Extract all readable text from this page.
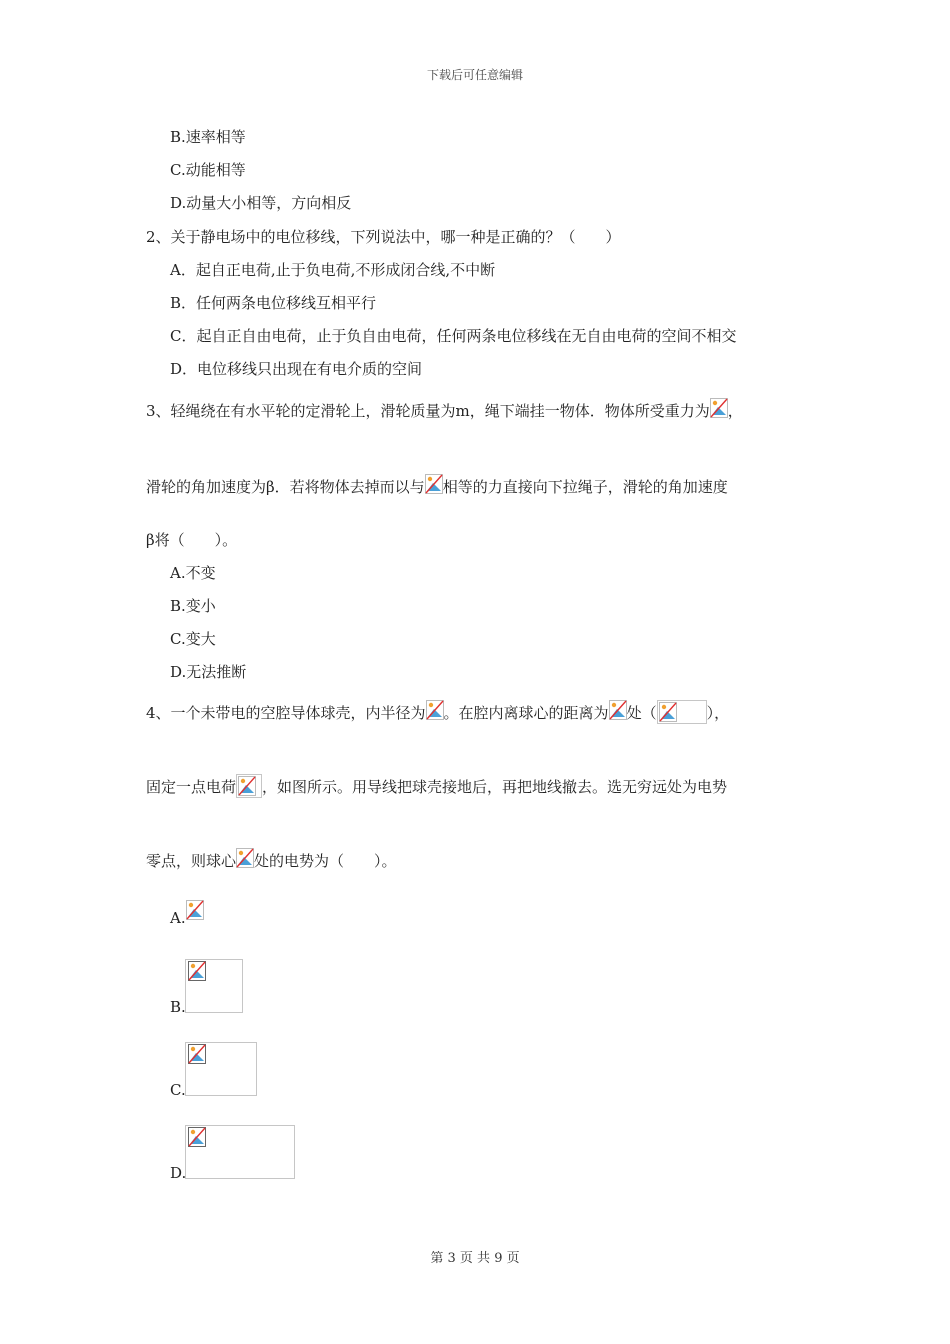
下载后可任意编辑
B.速率相等
C.动能相等
D.动量大小相等，方向相反
2、关于静电场中的电位移线，下列说法中，哪一种是正确的？（　　）
A．起自正电荷,止于负电荷,不形成闭合线,不中断
B．任何两条电位移线互相平行
C．起自正自由电荷，止于负自由电荷，任何两条电位移线在无自由电荷的空间不相交
D．电位移线只出现在有电介质的空间
3、轻绳绕在有水平轮的定滑轮上，滑轮质量为m，绳下端挂一物体．物体所受重力为 ，
滑轮的角加速度为β．若将物体去掉而以与 相等的力直接向下拉绳子，滑轮的角加速度
β将（　　）。
A.不变
B.变小
C.变大
D.无法推断
4、一个未带电的空腔导体球壳，内半径为 。在腔内离球心的距离为 处（	），
固定一点电荷 ，如图所示。用导线把球壳接地后，再把地线撤去。选无穷远处为电势
零点，则球心 处的电势为（　　）。
A.
B.
C.
D.
第 3 页 共 9 页
